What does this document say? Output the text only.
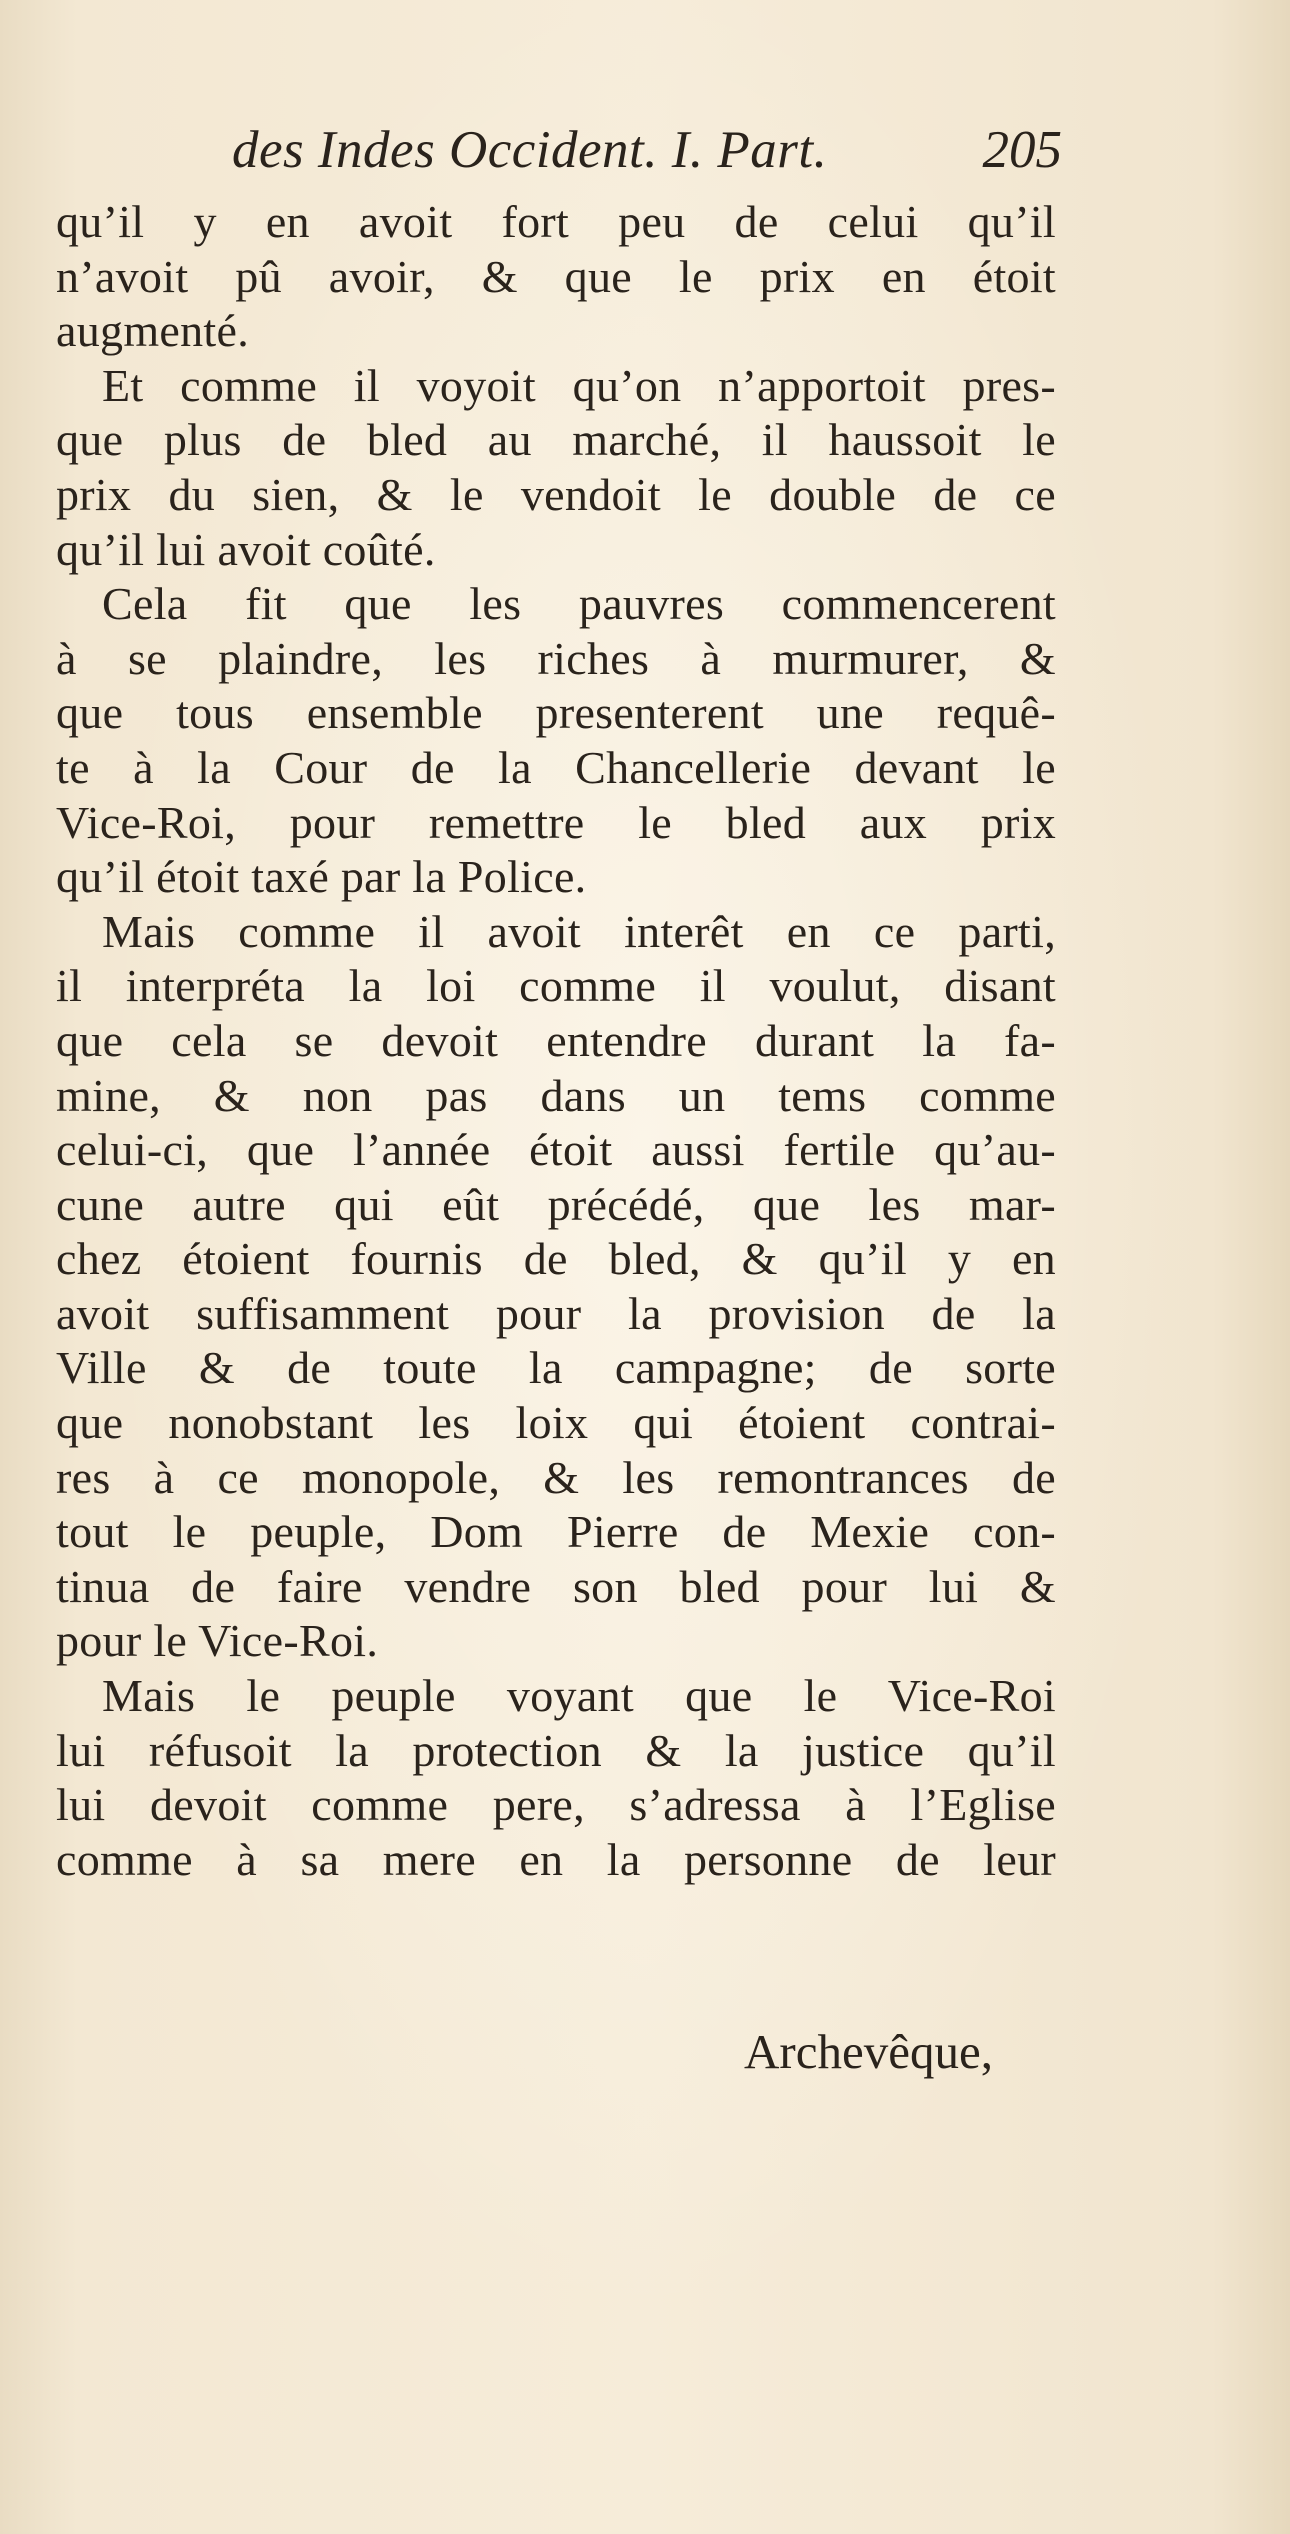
des Indes Occident. I. Part.	205
qu’il y en avoit fort peu de celui qu’il
n’avoit pû avoir, & que le prix en étoit
augmenté.
Et comme il voyoit qu’on n’apportoit pres-
que plus de bled au marché, il haussoit le
prix du sien, & le vendoit le double de ce
qu’il lui avoit coûté.
Cela fit que les pauvres commencerent
à se plaindre, les riches à murmurer, &
que tous ensemble presenterent une requê-
te à la Cour de la Chancellerie devant le
Vice-Roi, pour remettre le bled aux prix
qu’il étoit taxé par la Police.
Mais comme il avoit interêt en ce parti,
il interpréta la loi comme il voulut, disant
que cela se devoit entendre durant la fa-
mine, & non pas dans un tems comme
celui-ci, que l’année étoit aussi fertile qu’au-
cune autre qui eût précédé, que les mar-
chez étoient fournis de bled, & qu’il y en
avoit suffisamment pour la provision de la
Ville & de toute la campagne; de sorte
que nonobstant les loix qui étoient contrai-
res à ce monopole, & les remontrances de
tout le peuple, Dom Pierre de Mexie con-
tinua de faire vendre son bled pour lui &
pour le Vice-Roi.
Mais le peuple voyant que le Vice-Roi
lui réfusoit la protection & la justice qu’il
lui devoit comme pere, s’adressa à l’Eglise
comme à sa mere en la personne de leur
Archevêque,
